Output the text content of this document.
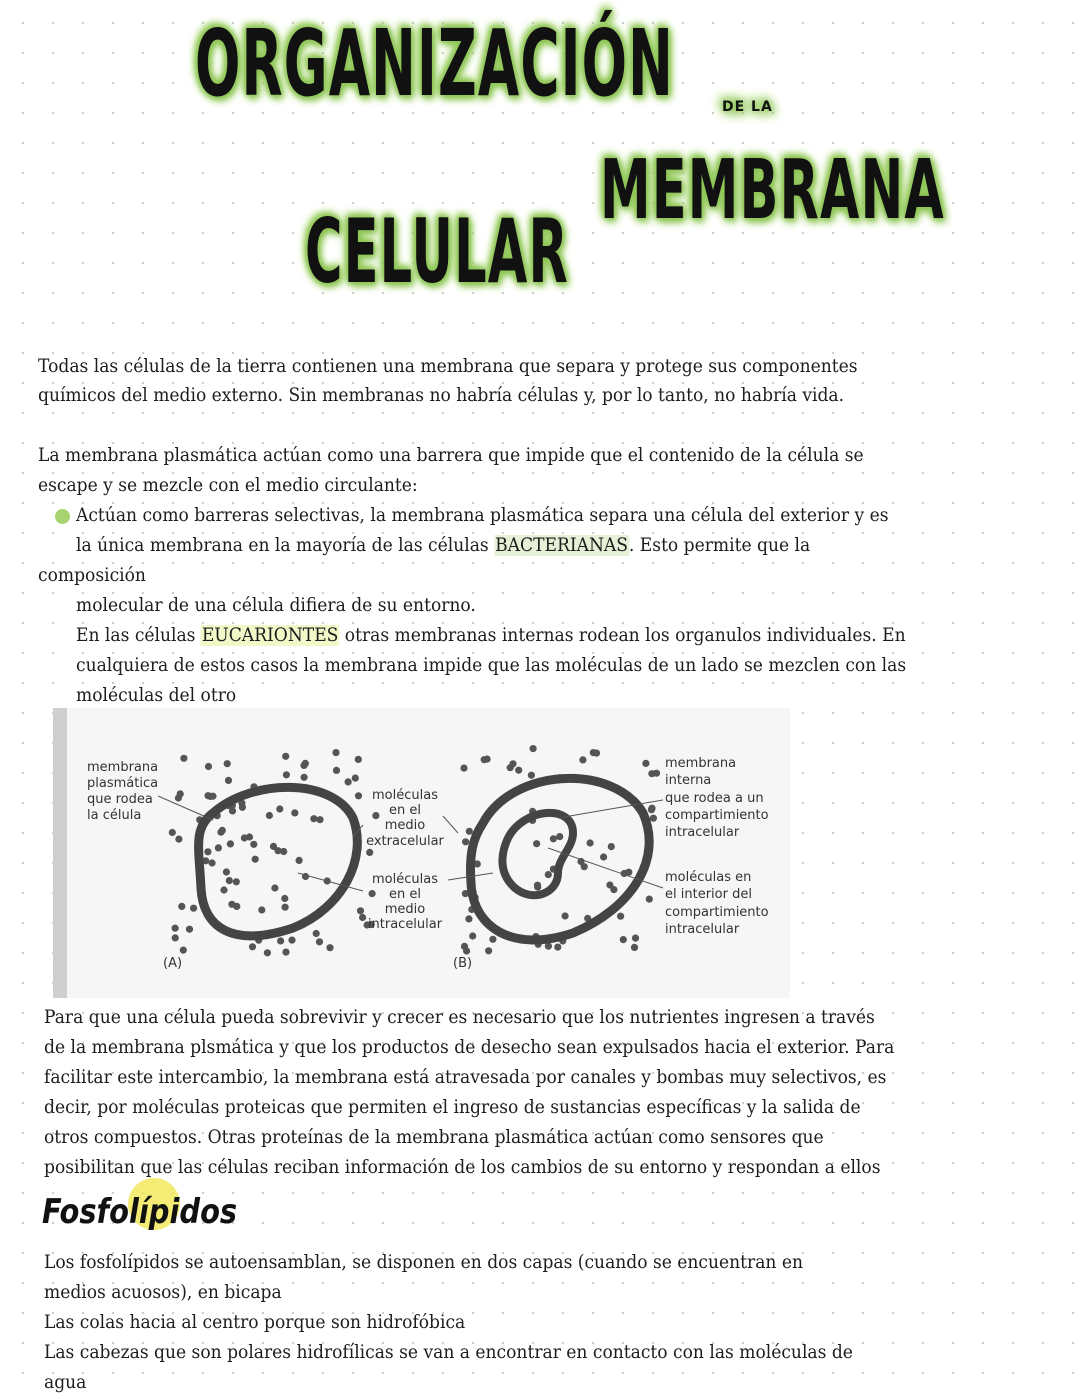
ORGANIZACIÓN	DE LA
MEMBRANA
CELULAR
Todas las células de la tierra contienen una membrana que separa y protege sus componentes
químicos del medio externo. Sin membranas no habría células y, por lo tanto, no habría vida.
La membrana plasmática actúan como una barrera que impide que el contenido de la célula se
escape y se mezcle con el medio circulante:
Actúan como barreras selectivas, la membrana plasmática separa una célula del exterior y es
la única membrana en la mayoría de las células BACTERIANAS. Esto permite que la
composición
molecular de una célula difiera de su entorno.
En las células EUCARIONTES otras membranas internas rodean los organulos individuales. En
cualquiera de estos casos la membrana impide que las moléculas de un lado se mezclen con las
moléculas del otro
membrana
plasmática
que rodea
la célula
moléculas
en el
medio
extracelular
moléculas
en el
medio
intracelular
membrana
interna
que rodea a un
compartimiento
intracelular
moléculas en
el interior del
compartimiento
intracelular
(A)	(B)
Para que una célula pueda sobrevivir y crecer es necesario que los nutrientes ingresen a través
de la membrana plsmática y que los productos de desecho sean expulsados hacia el exterior. Para
facilitar este intercambio, la membrana está atravesada por canales y bombas muy selectivos, es
decir, por moléculas proteicas que permiten el ingreso de sustancias específicas y la salida de
otros compuestos. Otras proteínas de la membrana plasmática actúan como sensores que
posibilitan que las células reciban información de los cambios de su entorno y respondan a ellos
Fosfolípidos
Los fosfolípidos se autoensamblan, se disponen en dos capas (cuando se encuentran en
medios acuosos), en bicapa
Las colas hacia al centro porque son hidrofóbica
Las cabezas que son polares hidrofílicas se van a encontrar en contacto con las moléculas de
agua
